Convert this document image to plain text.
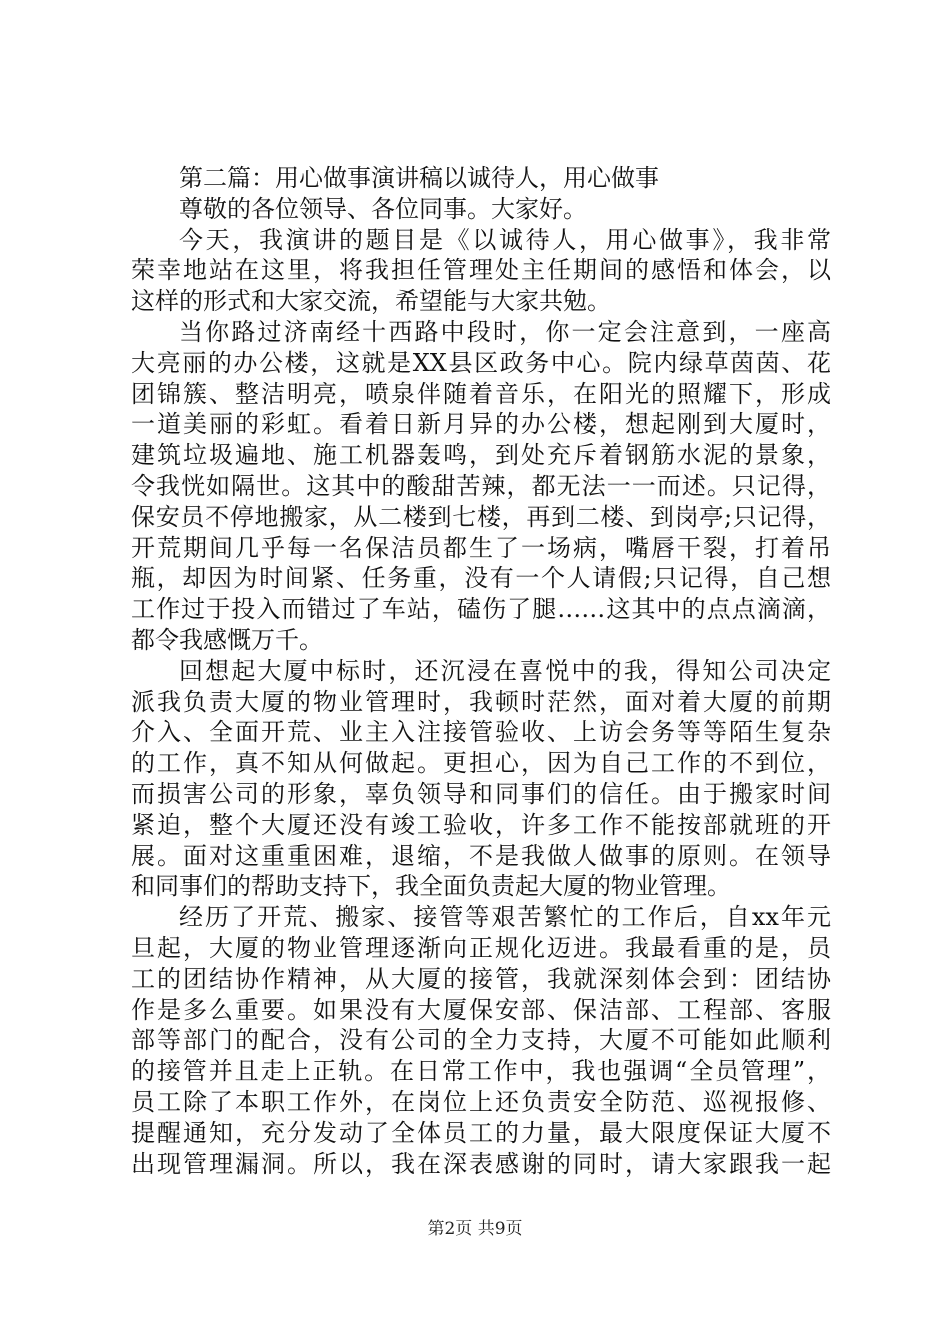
第二篇：用心做事演讲稿以诚待人，用心做事
尊敬的各位领导、各位同事。大家好。
今天，我演讲的题目是《以诚待人，用心做事》，我非常
荣幸地站在这里，将我担任管理处主任期间的感悟和体会，以
这样的形式和大家交流，希望能与大家共勉。
当你路过济南经十西路中段时，你一定会注意到，一座高
大亮丽的办公楼，这就是XX县区政务中心。院内绿草茵茵、花
团锦簇、整洁明亮，喷泉伴随着音乐，在阳光的照耀下，形成
一道美丽的彩虹。看着日新月异的办公楼，想起刚到大厦时，
建筑垃圾遍地、施工机器轰鸣，到处充斥着钢筋水泥的景象，
令我恍如隔世。这其中的酸甜苦辣，都无法一一而述。只记得，
保安员不停地搬家，从二楼到七楼，再到二楼、到岗亭;只记得，
开荒期间几乎每一名保洁员都生了一场病，嘴唇干裂，打着吊
瓶，却因为时间紧、任务重，没有一个人请假;只记得，自己想
工作过于投入而错过了车站，磕伤了腿……这其中的点点滴滴，
都令我感慨万千。
回想起大厦中标时，还沉浸在喜悦中的我，得知公司决定
派我负责大厦的物业管理时，我顿时茫然，面对着大厦的前期
介入、全面开荒、业主入注接管验收、上访会务等等陌生复杂
的工作，真不知从何做起。更担心，因为自己工作的不到位，
而损害公司的形象，辜负领导和同事们的信任。由于搬家时间
紧迫，整个大厦还没有竣工验收，许多工作不能按部就班的开
展。面对这重重困难，退缩，不是我做人做事的原则。在领导
和同事们的帮助支持下，我全面负责起大厦的物业管理。
经历了开荒、搬家、接管等艰苦繁忙的工作后，自xx年元
旦起，大厦的物业管理逐渐向正规化迈进。我最看重的是，员
工的团结协作精神，从大厦的接管，我就深刻体会到：团结协
作是多么重要。如果没有大厦保安部、保洁部、工程部、客服
部等部门的配合，没有公司的全力支持，大厦不可能如此顺利
的接管并且走上正轨。在日常工作中，我也强调“全员管理”，
员工除了本职工作外，在岗位上还负责安全防范、巡视报修、
提醒通知，充分发动了全体员工的力量，最大限度保证大厦不
出现管理漏洞。所以，我在深表感谢的同时，请大家跟我一起
第2页 共9页
